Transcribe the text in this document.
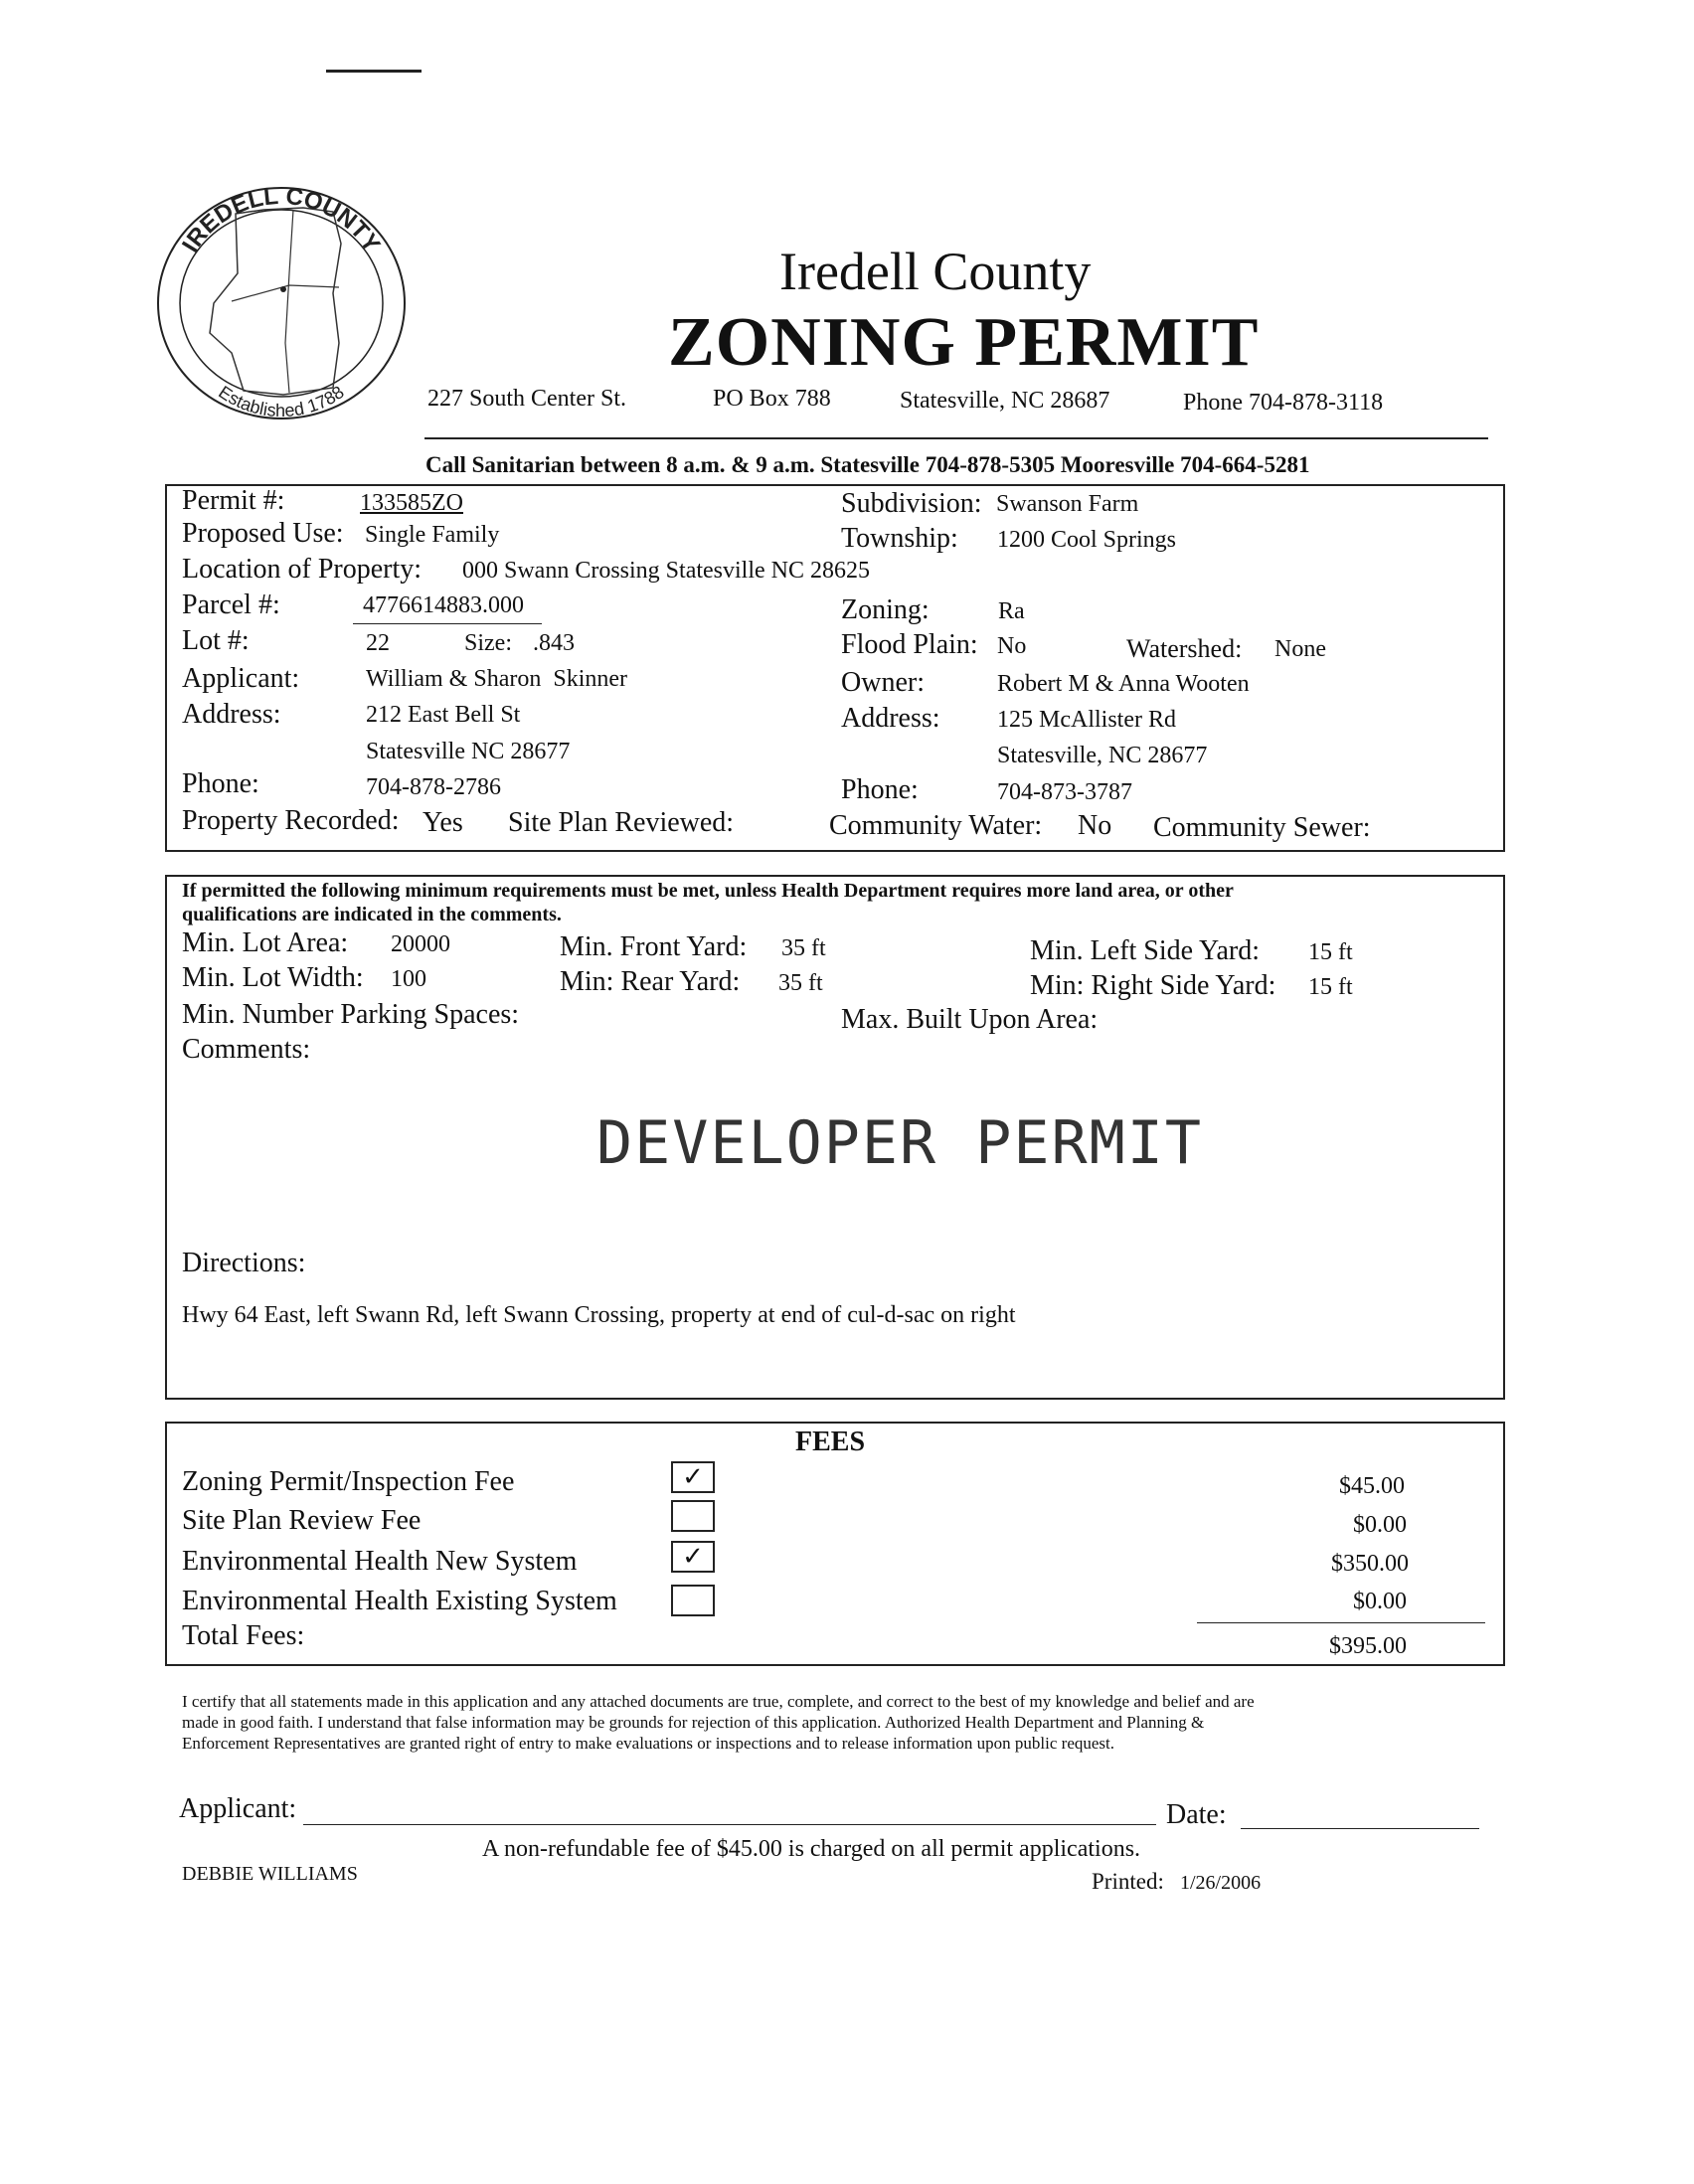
IREDELL COUNTY
Established 1788
Iredell County
ZONING PERMIT
227 South Center St.	PO Box 788	Statesville, NC 28687	Phone 704-878-3118
Call Sanitarian between 8 a.m. & 9 a.m. Statesville 704-878-5305 Mooresville 704-664-5281
Permit #:	133585ZO	Subdivision: Swanson Farm
Proposed Use: Single Family	Township: 1200 Cool Springs
Location of Property: 000 Swann Crossing Statesville NC 28625
Parcel #:	4776614883.000	Zoning:	Ra
Lot #:	22	Size: .843	Flood Plain: No	Watershed: None
Applicant:	William & Sharon  Skinner	Owner:	Robert M & Anna Wooten
Address:	212 East Bell St
Statesville NC 28677
Address: 125 McAllister Rd
Statesville, NC 28677
Phone:	704-878-2786	Phone:	704-873-3787
Property Recorded: Yes Site Plan Reviewed:	Community Water: No Community Sewer:
If permitted the following minimum requirements must be met, unless Health Department requires more land area, or other
qualifications are indicated in the comments.
Min. Lot Area: 20000	Min. Front Yard: 35 ft	Min. Left Side Yard: 15 ft
Min. Lot Width: 100	Min: Rear Yard: 35 ft	Min: Right Side Yard: 15 ft
Min. Number Parking Spaces:	Max. Built Upon Area:
Comments:
DEVELOPER PERMIT
Directions:
Hwy 64 East, left Swann Rd, left Swann Crossing, property at end of cul-d-sac on right
FEES
Zoning Permit/Inspection Fee	✓	$45.00
Site Plan Review Fee	$0.00
Environmental Health New System	✓	$350.00
Environmental Health Existing System	$0.00
Total Fees:	$395.00
I certify that all statements made in this application and any attached documents are true, complete, and correct to the best of my knowledge and belief and are
made in good faith. I understand that false information may be grounds for rejection of this application. Authorized Health Department and Planning &
Enforcement Representatives are granted right of entry to make evaluations or inspections and to release information upon public request.
Applicant:	Date:
A non-refundable fee of $45.00 is charged on all permit applications.
DEBBIE WILLIAMS	Printed: 1/26/2006
